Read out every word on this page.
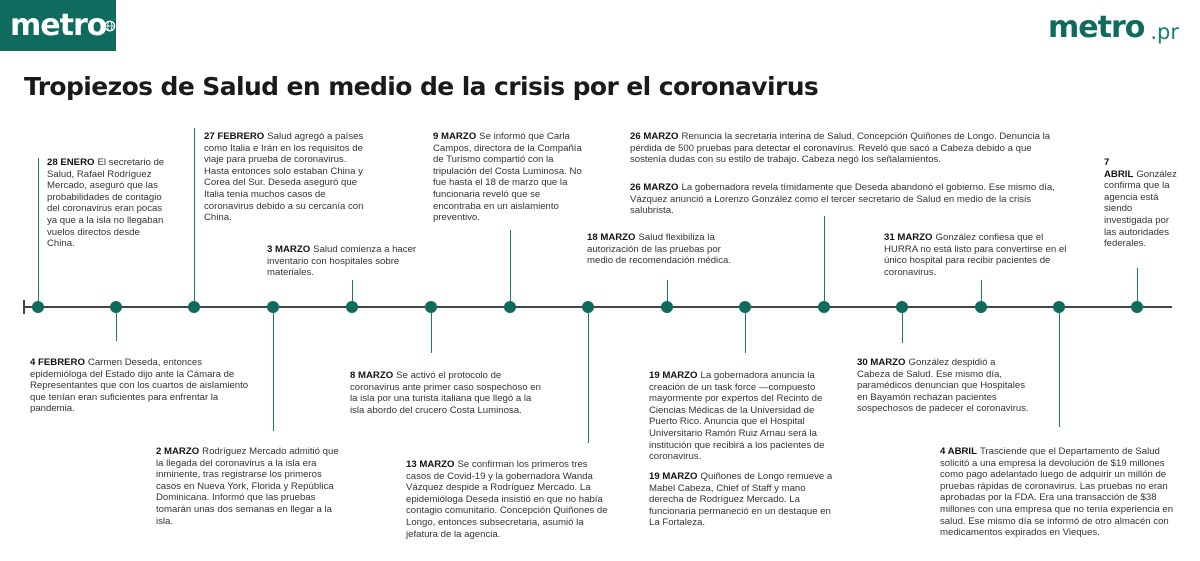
metro	metro .pr
Tropiezos de Salud en medio de la crisis por el coronavirus
28 ENERO El secretario de Salud, Rafael Rodríguez Mercado, aseguró que las probabilidades de contagio del coronavirus eran pocas ya que a la isla no llegaban vuelos directos desde China.
27 FEBRERO Salud agregó a países como Italia e Irán en los requisitos de viaje para prueba de coronavirus. Hasta entonces solo estaban China y Corea del Sur. Deseda aseguró que Italia tenía muchos casos de coronavirus debido a su cercanía con China.
3 MARZO Salud comienza a hacer inventario con hospitales sobre materiales.
9 MARZO Se informó que Carla Campos, directora de la Compañía de Turismo compartió con la tripulación del Costa Luminosa. No fue hasta el 18 de marzo que la funcionaria reveló que se encontraba en un aislamiento preventivo.
18 MARZO Salud flexibiliza la autorización de las pruebas por medio de recomendación médica.
26 MARZO Renuncia la secretaria interina de Salud, Concepción Quiñones de Longo. Denuncia la pérdida de 500 pruebas para detectar el coronavirus. Reveló que sacó a Cabeza debido a que sostenía dudas con su estilo de trabajo. Cabeza negó los señalamientos.
26 MARZO La gobernadora revela tímidamente que Deseda abandonó el gobierno. Ese mismo día, Vázquez anunció a Lorenzo González como el tercer secretario de Salud en medio de la crisis salubrista.
31 MARZO González confiesa que el HURRA no está listo para convertirse en el único hospital para recibir pacientes de coronavirus.
7 ABRIL González confirma que la agencia está siendo investigada por las autoridades federales.
4 FEBRERO Carmen Deseda, entonces epidemióloga del Estado dijo ante la Cámara de Representantes que con los cuartos de aislamiento que tenían eran suficientes para enfrentar la pandemia.
2 MARZO Rodríguez Mercado admitió que la llegada del coronavirus a la isla era inminente, tras registrarse los primeros casos en Nueva York, Florida y República Dominicana. Informó que las pruebas tomarán unas dos semanas en llegar a la isla.
8 MARZO Se activó el protocolo de coronavirus ante primer caso sospechoso en la isla por una turista italiana que llegó a la isla abordo del crucero Costa Luminosa.
13 MARZO Se confirman los primeros tres casos de Covid-19 y la gobernadora Wanda Vázquez despide a Rodríguez Mercado. La epidemióloga Deseda insistió en que no había contagio comunitario. Concepción Quiñones de Longo, entonces subsecretaria, asumió la jefatura de la agencia.
19 MARZO La gobernadora anuncia la creación de un task force —compuesto mayormente por expertos del Recinto de Ciencias Médicas de la Universidad de Puerto Rico. Anuncia que el Hospital Universitario Ramón Ruiz Arnau será la institución que recibirá a los pacientes de coronavirus.
19 MARZO Quiñones de Longo remueve a Mabel Cabeza, Chief of Staff y mano derecha de Rodríguez Mercado. La funcionaria permaneció en un destaque en La Fortaleza.
30 MARZO González despidió a Cabeza de Salud. Ese mismo día, paramédicos denuncian que Hospitales en Bayamón rechazan pacientes sospechosos de padecer el coronavirus.
4 ABRIL Trasciende que el Departamento de Salud solicitó a una empresa la devolución de $19 millones como pago adelantado luego de adquirir un millón de pruebas rápidas de coronavirus. Las pruebas no eran aprobadas por la FDA. Era una transacción de $38 millones con una empresa que no tenía experiencia en salud. Ese mismo día se informó de otro almacén con medicamentos expirados en Vieques.
